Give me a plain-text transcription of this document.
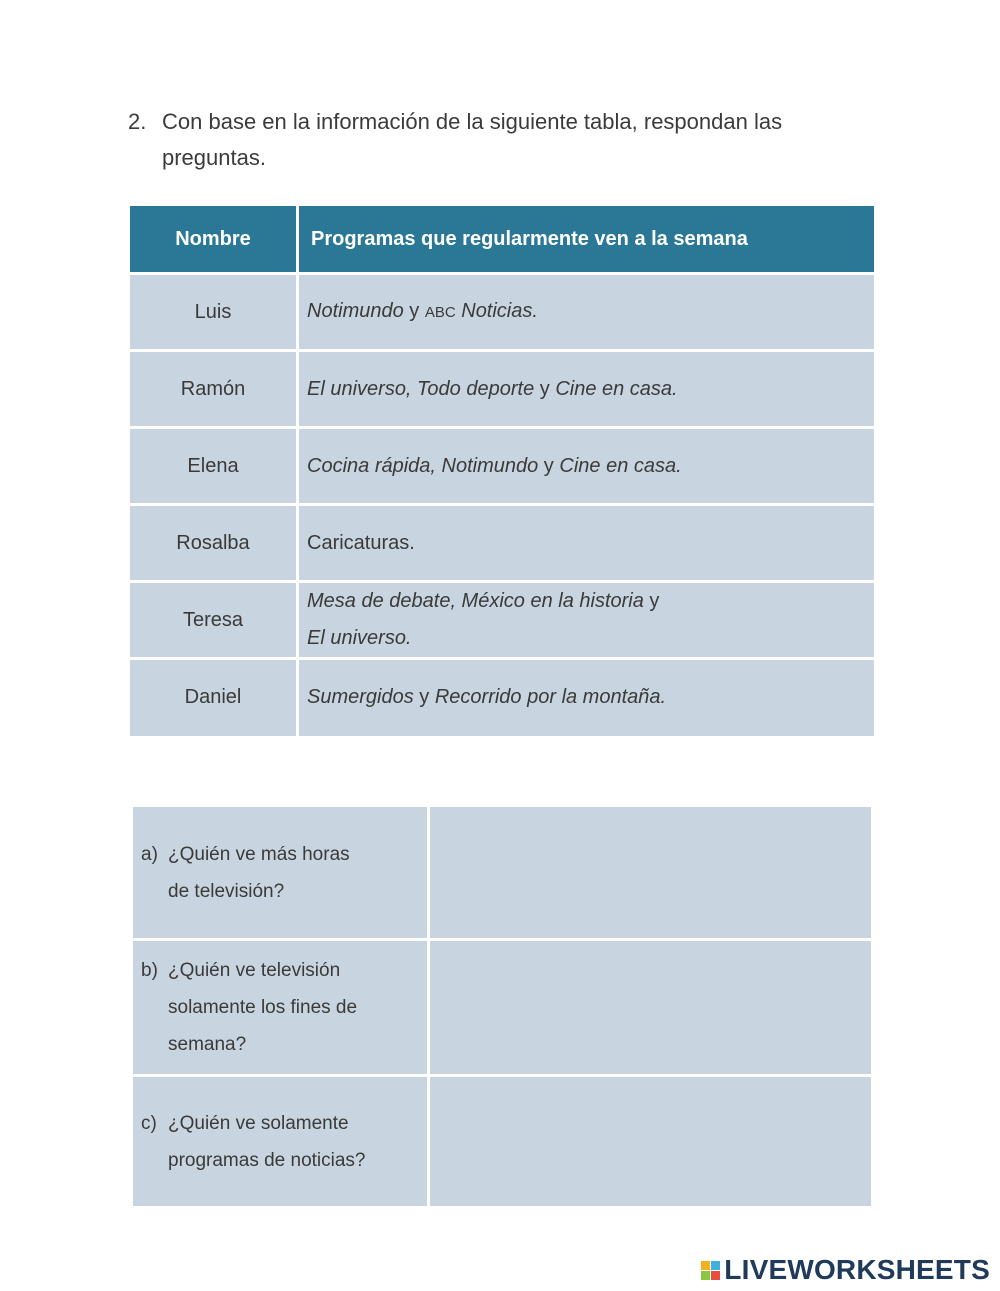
2. Con base en la información de la siguiente tabla, respondan las preguntas.
Nombre	Programas que regularmente ven a la semana
Luis	Notimundo y ABC Noticias.
Ramón	El universo, Todo deporte y Cine en casa.
Elena	Cocina rápida, Notimundo y Cine en casa.
Rosalba	Caricaturas.
Teresa	Mesa de debate, México en la historia y
El universo.
Daniel	Sumergidos y Recorrido por la montaña.
a) ¿Quién ve más horas
de televisión?

b) ¿Quién ve televisión
solamente los fines de
semana?

c) ¿Quién ve solamente
programas de noticias?

LIVEWORKSHEETS
